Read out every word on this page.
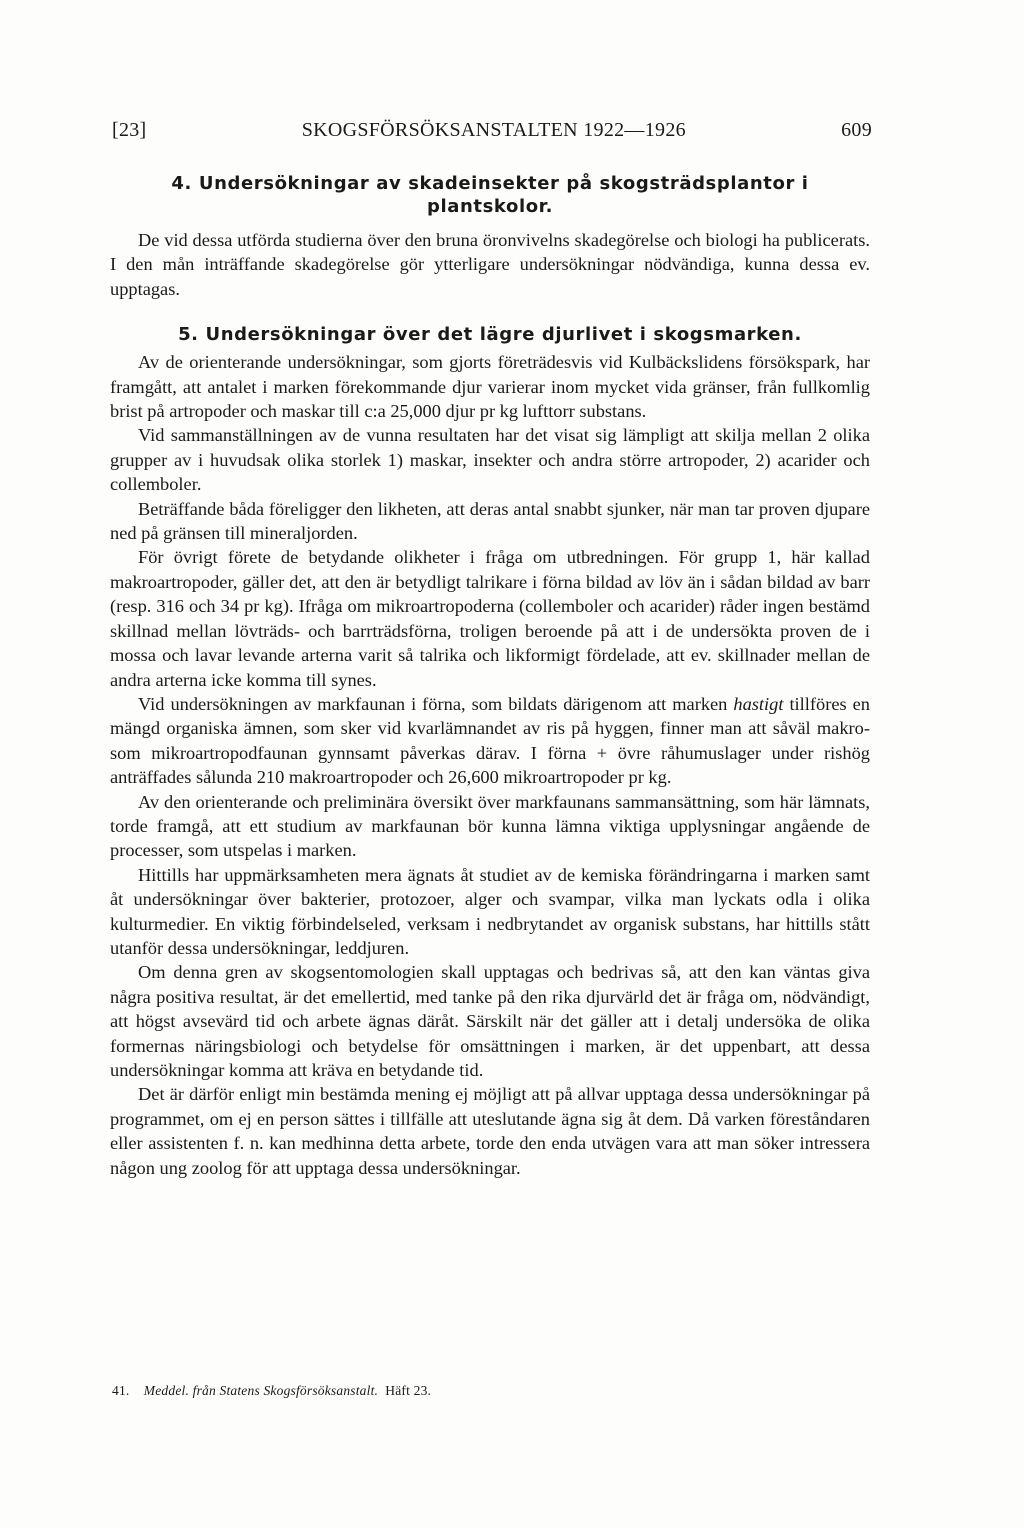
[23]	SKOGSFÖRSÖKSANSTALTEN 1922—1926	609
4. Undersökningar av skadeinsekter på skogsträdsplantor i plantskolor.

De vid dessa utförda studierna över den bruna öronvivelns skadegörelse och biologi ha publicerats. I den mån inträffande skadegörelse gör ytterligare undersökningar nödvändiga, kunna dessa ev. upptagas.

5. Undersökningar över det lägre djurlivet i skogsmarken.

Av de orienterande undersökningar, som gjorts företrädesvis vid Kulbäckslidens försökspark, har framgått, att antalet i marken förekommande djur varierar inom mycket vida gränser, från fullkomlig brist på artropoder och maskar till c:a 25,000 djur pr kg lufttorr substans.

Vid sammanställningen av de vunna resultaten har det visat sig lämpligt att skilja mellan 2 olika grupper av i huvudsak olika storlek 1) maskar, insekter och andra större artropoder, 2) acarider och collemboler.

Beträffande båda föreligger den likheten, att deras antal snabbt sjunker, när man tar proven djupare ned på gränsen till mineraljorden.

För övrigt förete de betydande olikheter i fråga om utbredningen. För grupp 1, här kallad makroartropoder, gäller det, att den är betydligt talrikare i förna bildad av löv än i sådan bildad av barr (resp. 316 och 34 pr kg). Ifråga om mikroartropoderna (collemboler och acarider) råder ingen bestämd skillnad mellan lövträds- och barrträdsförna, troligen beroende på att i de undersökta proven de i mossa och lavar levande arterna varit så talrika och likformigt fördelade, att ev. skillnader mellan de andra arterna icke komma till synes.

Vid undersökningen av markfaunan i förna, som bildats därigenom att marken hastigt tillföres en mängd organiska ämnen, som sker vid kvarlämnandet av ris på hyggen, finner man att såväl makro- som mikroartropodfaunan gynnsamt påverkas därav. I förna + övre råhumuslager under rishög anträffades sålunda 210 makroartropoder och 26,600 mikroartropoder pr kg.

Av den orienterande och preliminära översikt över markfaunans sammansättning, som här lämnats, torde framgå, att ett studium av markfaunan bör kunna lämna viktiga upplysningar angående de processer, som utspelas i marken.

Hittills har uppmärksamheten mera ägnats åt studiet av de kemiska förändringarna i marken samt åt undersökningar över bakterier, protozoer, alger och svampar, vilka man lyckats odla i olika kulturmedier. En viktig förbindelseled, verksam i nedbrytandet av organisk substans, har hittills stått utanför dessa undersökningar, leddjuren.

Om denna gren av skogsentomologien skall upptagas och bedrivas så, att den kan väntas giva några positiva resultat, är det emellertid, med tanke på den rika djurvärld det är fråga om, nödvändigt, att högst avsevärd tid och arbete ägnas däråt. Särskilt när det gäller att i detalj undersöka de olika formernas näringsbiologi och betydelse för omsättningen i marken, är det uppenbart, att dessa undersökningar komma att kräva en betydande tid.

Det är därför enligt min bestämda mening ej möjligt att på allvar upptaga dessa undersökningar på programmet, om ej en person sättes i tillfälle att uteslutande ägna sig åt dem. Då varken föreståndaren eller assistenten f. n. kan medhinna detta arbete, torde den enda utvägen vara att man söker intressera någon ung zoolog för att upptaga dessa undersökningar.

41. Meddel. från Statens Skogsförsöksanstalt. Häft 23.
